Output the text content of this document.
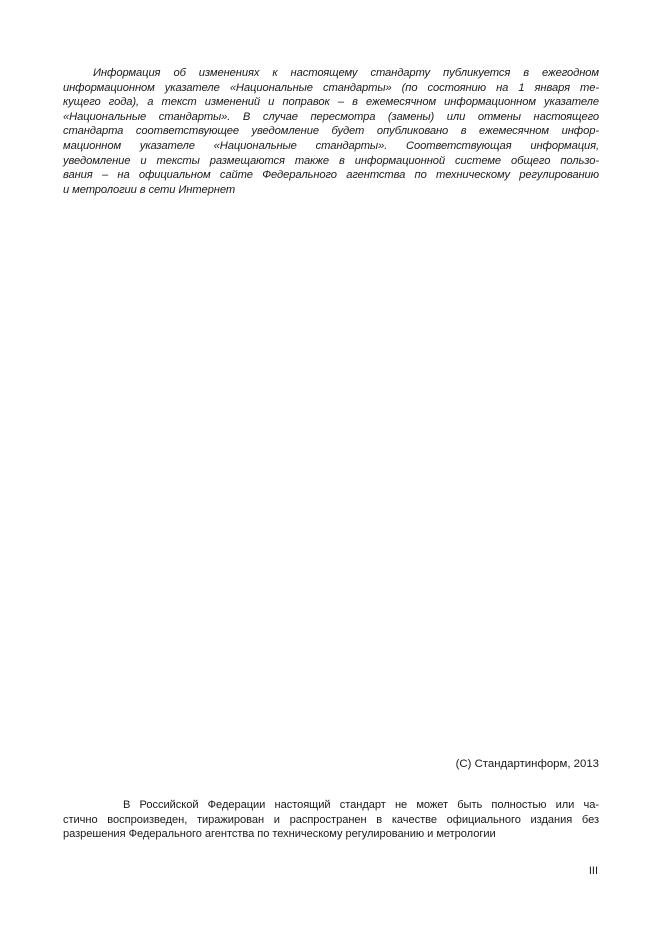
Информация об изменениях к настоящему стандарту публикуется в ежегодном
информационном указателе «Национальные стандарты» (по состоянию на 1 января те-
кущего года), а текст изменений и поправок – в ежемесячном информационном указателе
«Национальные стандарты». В случае пересмотра (замены) или отмены настоящего
стандарта соответствующее уведомление будет опубликовано в ежемесячном инфор-
мационном указателе «Национальные стандарты». Соответствующая информация,
уведомление и тексты размещаются также в информационной системе общего пользо-
вания – на официальном сайте Федерального агентства по техническому регулированию
и метрологии в сети Интернет
(С) Стандартинформ, 2013
В Российской Федерации настоящий стандарт не может быть полностью или ча-
стично воспроизведен, тиражирован и распространен в качестве официального издания без
разрешения Федерального агентства по техническому регулированию и метрологии
III
